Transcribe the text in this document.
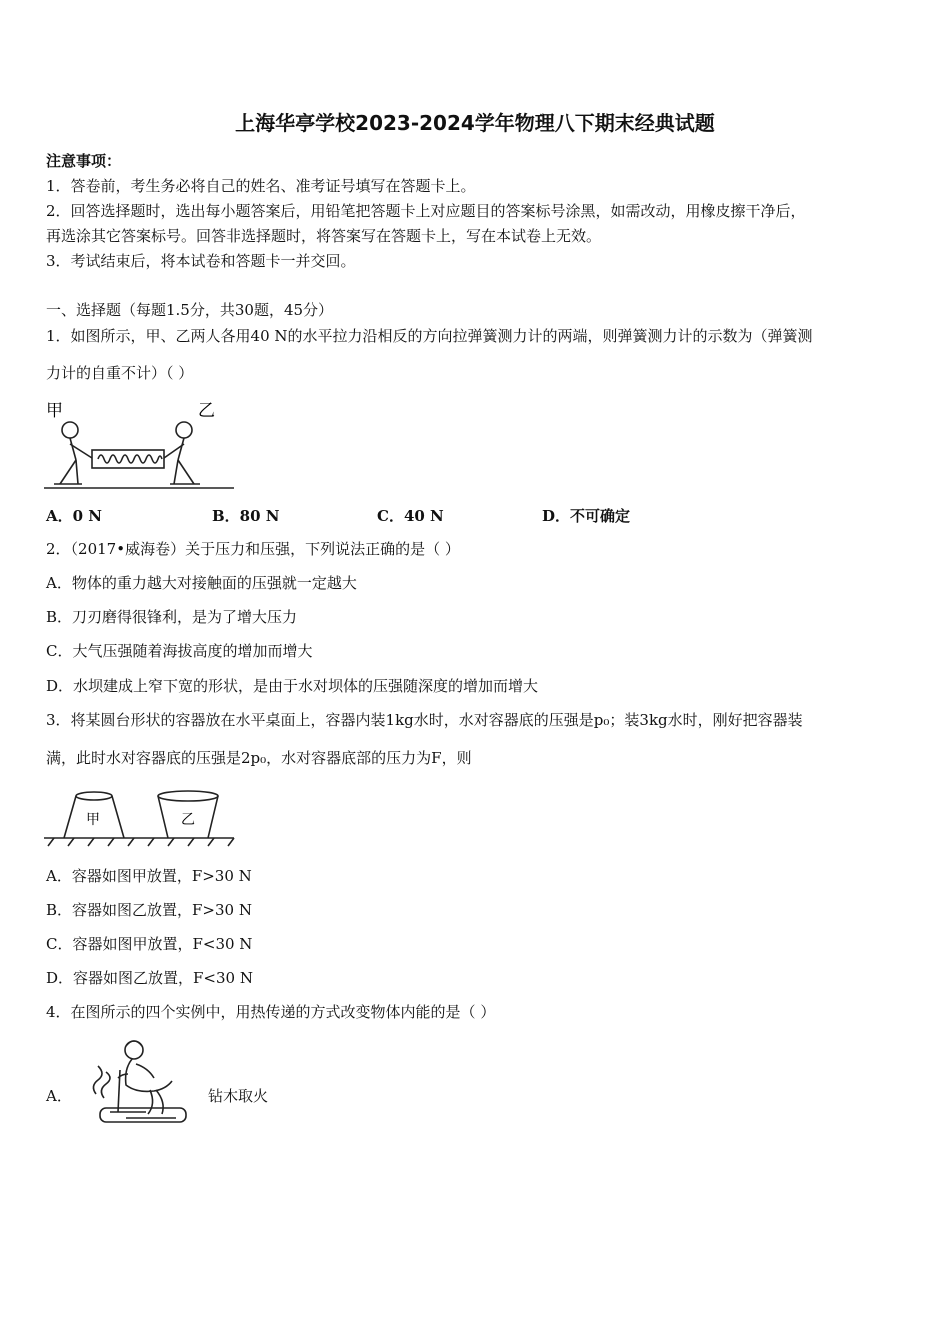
上海华亭学校2023-2024学年物理八下期末经典试题
注意事项：
1．答卷前，考生务必将自己的姓名、准考证号填写在答题卡上。
2．回答选择题时，选出每小题答案后，用铅笔把答题卡上对应题目的答案标号涂黑，如需改动，用橡皮擦干净后，
再选涂其它答案标号。回答非选择题时，将答案写在答题卡上，写在本试卷上无效。
3．考试结束后，将本试卷和答题卡一并交回。
一、选择题（每题1.5分，共30题，45分）
1．如图所示，甲、乙两人各用40 N的水平拉力沿相反的方向拉弹簧测力计的两端，则弹簧测力计的示数为（弹簧测
力计的自重不计）（ ）
甲	乙
A．0 N	B．80 N	C．40 N	D．不可确定
2．（2017•威海卷）关于压力和压强，下列说法正确的是（ ）
A．物体的重力越大对接触面的压强就一定越大
B．刀刃磨得很锋利，是为了增大压力
C．大气压强随着海拔高度的增加而增大
D．水坝建成上窄下宽的形状，是由于水对坝体的压强随深度的增加而增大
3．将某圆台形状的容器放在水平桌面上，容器内装1kg水时，水对容器底的压强是p₀；装3kg水时，刚好把容器装
满，此时水对容器底的压强是2p₀，水对容器底部的压力为F，则
甲	乙
A．容器如图甲放置，F>30 N
B．容器如图乙放置，F>30 N
C．容器如图甲放置，F<30 N
D．容器如图乙放置，F<30 N
4．在图所示的四个实例中，用热传递的方式改变物体内能的是（ ）
A．	钻木取火
